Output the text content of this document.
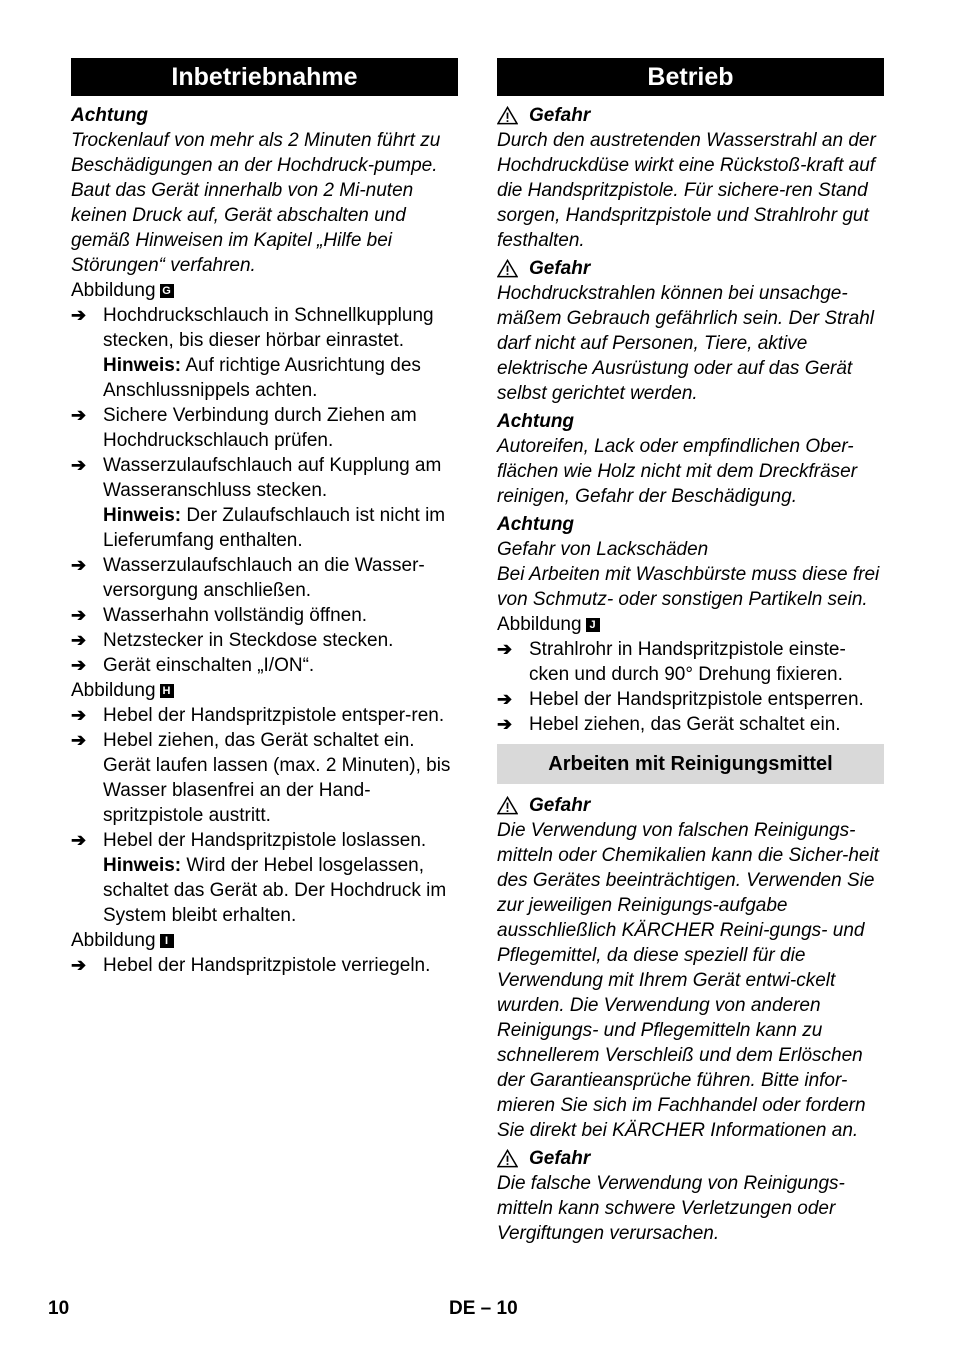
Inbetriebnahme
Achtung

Trockenlauf von mehr als 2 Minuten führt zu Beschädigungen an der Hochdruck-pumpe. Baut das Gerät innerhalb von 2 Mi-nuten keinen Druck auf, Gerät abschalten und gemäß Hinweisen im Kapitel „Hilfe bei Störungen“ verfahren.

Abbildung G
➔ Hochdruckschlauch in Schnellkupplung stecken, bis dieser hörbar einrastet.
Hinweis: Auf richtige Ausrichtung des Anschlussnippels achten.
➔ Sichere Verbindung durch Ziehen am Hochdruckschlauch prüfen.
➔ Wasserzulaufschlauch auf Kupplung am Wasseranschluss stecken.
Hinweis: Der Zulaufschlauch ist nicht im Lieferumfang enthalten.
➔ Wasserzulaufschlauch an die Wasser-versorgung anschließen.
➔ Wasserhahn vollständig öffnen.
➔ Netzstecker in Steckdose stecken.
➔ Gerät einschalten „I/ON“.
Abbildung H
➔ Hebel der Handspritzpistole entsper-ren.
➔ Hebel ziehen, das Gerät schaltet ein. Gerät laufen lassen (max. 2 Minuten), bis Wasser blasenfrei an der Hand-spritzpistole austritt.
➔ Hebel der Handspritzpistole loslassen.
Hinweis: Wird der Hebel losgelassen, schaltet das Gerät ab. Der Hochdruck im System bleibt erhalten.
Abbildung I
➔ Hebel der Handspritzpistole verriegeln.
Betrieb
Gefahr

Durch den austretenden Wasserstrahl an der Hochdruckdüse wirkt eine Rückstoß-kraft auf die Handspritzpistole. Für sichere-ren Stand sorgen, Handspritzpistole und Strahlrohr gut festhalten.

Gefahr

Hochdruckstrahlen können bei unsachge-mäßem Gebrauch gefährlich sein. Der Strahl darf nicht auf Personen, Tiere, aktive elektrische Ausrüstung oder auf das Gerät selbst gerichtet werden.

Achtung

Autoreifen, Lack oder empfindlichen Ober-flächen wie Holz nicht mit dem Dreckfräser reinigen, Gefahr der Beschädigung.

Achtung

Gefahr von Lackschäden

Bei Arbeiten mit Waschbürste muss diese frei von Schmutz- oder sonstigen Partikeln sein.

Abbildung J
➔ Strahlrohr in Handspritzpistole einste-cken und durch 90° Drehung fixieren.
➔ Hebel der Handspritzpistole entsperren.
➔ Hebel ziehen, das Gerät schaltet ein.
Arbeiten mit Reinigungsmittel
Gefahr

Die Verwendung von falschen Reinigungs-mitteln oder Chemikalien kann die Sicher-heit des Gerätes beeinträchtigen. Verwenden Sie zur jeweiligen Reinigungs-aufgabe ausschließlich KÄRCHER Reini-gungs- und Pflegemittel, da diese speziell für die Verwendung mit Ihrem Gerät entwi-ckelt wurden. Die Verwendung von anderen Reinigungs- und Pflegemitteln kann zu schnellerem Verschleiß und dem Erlöschen der Garantieansprüche führen. Bitte infor-mieren Sie sich im Fachhandel oder fordern Sie direkt bei KÄRCHER Informationen an.

Gefahr

Die falsche Verwendung von Reinigungs-mitteln kann schwere Verletzungen oder Vergiftungen verursachen.

10	DE – 10
